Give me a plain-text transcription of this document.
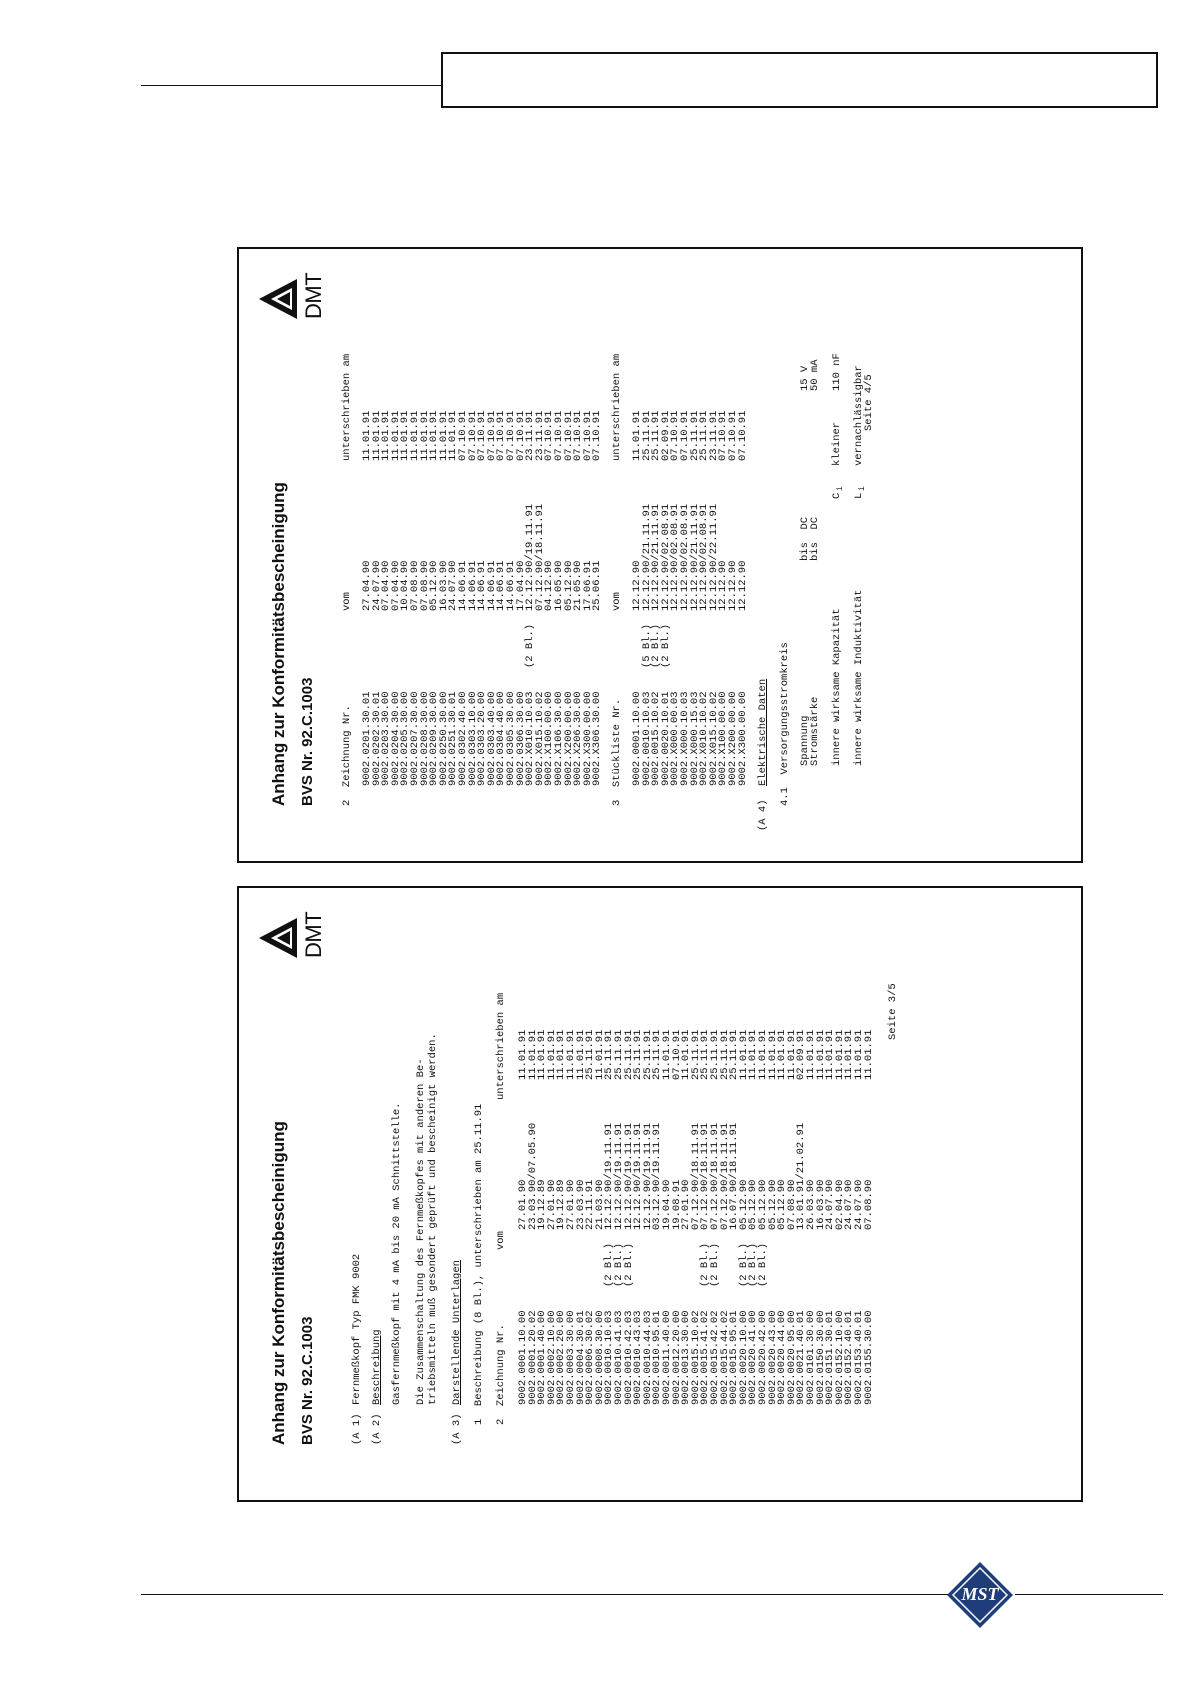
Anhang zur Konformitätsbescheinigung BVS Nr. 92.C.1003
DMT
2  Zeichnung Nr.
vom
unterschrieben am
9002.0201.30.01
27.04.90
11.01.91
9002.0202.30.01
24.07.90
11.01.91
9002.0203.30.00
07.04.90
11.01.91
9002.0204.30.00
07.04.90
11.01.91
9002.0205.30.00
10.04.90
11.01.91
9002.0207.30.00
07.08.90
11.01.91
9002.0208.30.00
07.08.90
11.01.91
9002.0209.30.00
05.12.90
11.01.91
9002.0250.30.00
16.03.90
11.01.91
9002.0251.30.01
24.07.90
11.01.91
9002.0302.40.00
14.06.91
07.10.91
9002.0303.10.00
14.06.91
07.10.91
9002.0303.20.00
14.06.91
07.10.91
9002.0303.40.00
14.06.91
07.10.91
9002.0304.40.00
14.06.91
07.10.91
9002.0305.30.00
14.06.91
07.10.91
9002.0306.30.00
17.04.90
07.10.91
9002.X010.10.03
(2 Bl.)
12.12.90/19.11.91
23.11.91
9002.X015.10.02
07.12.90/18.11.91
23.11.91
9002.X100.00.00
04.12.90
07.10.91
9002.X106.30.00
16.05.90
07.10.91
9002.X200.00.00
05.12.90
07.10.91
9002.X206.30.00
21.05.90
07.10.91
9002.X300.00.00
17.06.91
07.10.91
9002.X306.30.00
25.06.91
07.10.91
3  Stückliste Nr.
vom
unterschrieben am
9002.0001.10.00
12.12.90
11.01.91
9002.0010.10.03
(5 Bl.)
12.12.90/21.11.91
25.11.91
9002.0015.10.02
(2 Bl.)
12.12.90/21.11.91
25.11.91
9002.0020.10.01
(2 Bl.)
12.12.90/02.08.91
02.09.91
9002.X000.00.03
12.12.90/02.08.91
07.10.91
9002.X000.10.03
12.12.90/02.08.91
07.10.91
9002.X000.15.03
12.12.90/21.11.91
25.11.91
9002.X010.10.02
12.12.90/02.08.91
25.11.91
9002.X015.10.02
12.12.90/22.11.91
23.11.91
9002.X100.00.00
12.12.90
07.10.91
9002.X200.00.00
12.12.90
07.10.91
9002.X300.00.00
12.12.90
07.10.91
(A 4)
Elektrische Daten 4.1  Versorgungsstromkreis Spannung
bis  DC
15 V
Stromstärke
bis  DC
50 mA
innere wirksame Kapazität
C
i
kleiner
110 nF
innere wirksame Induktivität
L
i
vernachlässigbar
Seite 4/5
Anhang zur Konformitätsbescheinigung BVS Nr. 92.C.1003
DMT
(A 1)
Fernmeßkopf Typ FMK 9002
(A 2)
Beschreibung Gasfernmeßkopf mit 4 mA bis 20 mA Schnittstelle. Die Zusammenschaltung des Fernmeßkopfes mit anderen Be- triebsmitteln muß gesondert geprüft und bescheinigt werden.
(A 3)
Darstellende Unterlagen 1  Beschreibung (8 Bl.), unterschrieben am 25.11.91 2  Zeichnung Nr.
vom
unterschrieben am
9002.0001.10.00
27.01.90
11.01.91
9002.0001.20.02
23.03.90/07.05.90
11.01.91
9002.0001.40.00
19.12.89
11.01.91
9002.0002.10.00
27.01.90
11.01.91
9002.0002.20.00
19.12.89
11.01.91
9002.0003.30.00
27.01.90
11.01.91
9002.0004.30.01
23.03.90
11.01.91
9002.0006.30.02
22.11.91
25.11.91
9002.0008.30.00
21.03.90
11.01.91
9002.0010.10.03
(2 Bl.)
12.12.90/19.11.91
25.11.91
9002.0010.41.03
(2 Bl.)
12.12.90/19.11.91
25.11.91
9002.0010.42.03
(2 Bl.)
12.12.90/19.11.91
25.11.91
9002.0010.43.03
12.12.90/19.11.91
25.11.91
9002.0010.44.03
12.12.90/19.11.91
25.11.91
9002.0010.95.01
03.12.90/19.11.91
25.11.91
9002.0011.40.00
19.04.90
11.01.91
9002.0012.20.00
19.08.91
07.10.91
9002.0013.30.00
27.01.90
11.01.91
9002.0015.10.02
07.12.90/18.11.91
25.11.91
9002.0015.41.02
(2 Bl.)
07.12.90/18.11.91
25.11.91
9002.0015.42.02
(2 Bl.)
07.12.90/18.11.91
25.11.91
9002.0015.44.02
07.12.90/18.11.91
25.11.91
9002.0015.95.01
16.07.90/18.11.91
25.11.91
9002.0020.10.00
(2 Bl.)
05.12.90
11.01.91
9002.0020.41.00
(2 Bl.)
05.12.90
11.01.91
9002.0020.42.00
(2 Bl.)
05.12.90
11.01.91
9002.0020.43.00
05.12.90
11.01.91
9002.0020.44.00
05.12.90
11.01.91
9002.0020.95.00
07.08.90
11.01.91
9002.0021.40.01
13.01.91/21.02.91
02.09.91
9002.0101.30.00
26.03.90
11.01.91
9002.0150.30.00
16.03.90
11.01.91
9002.0151.30.01
24.07.90
11.01.91
9002.0152.10.00
02.04.90
11.01.91
9002.0152.40.01
24.07.90
11.01.91
9002.0153.40.01
24.07.90
11.01.91
9002.0155.30.00
07.08.90
11.01.91
Seite 3/5
MST
